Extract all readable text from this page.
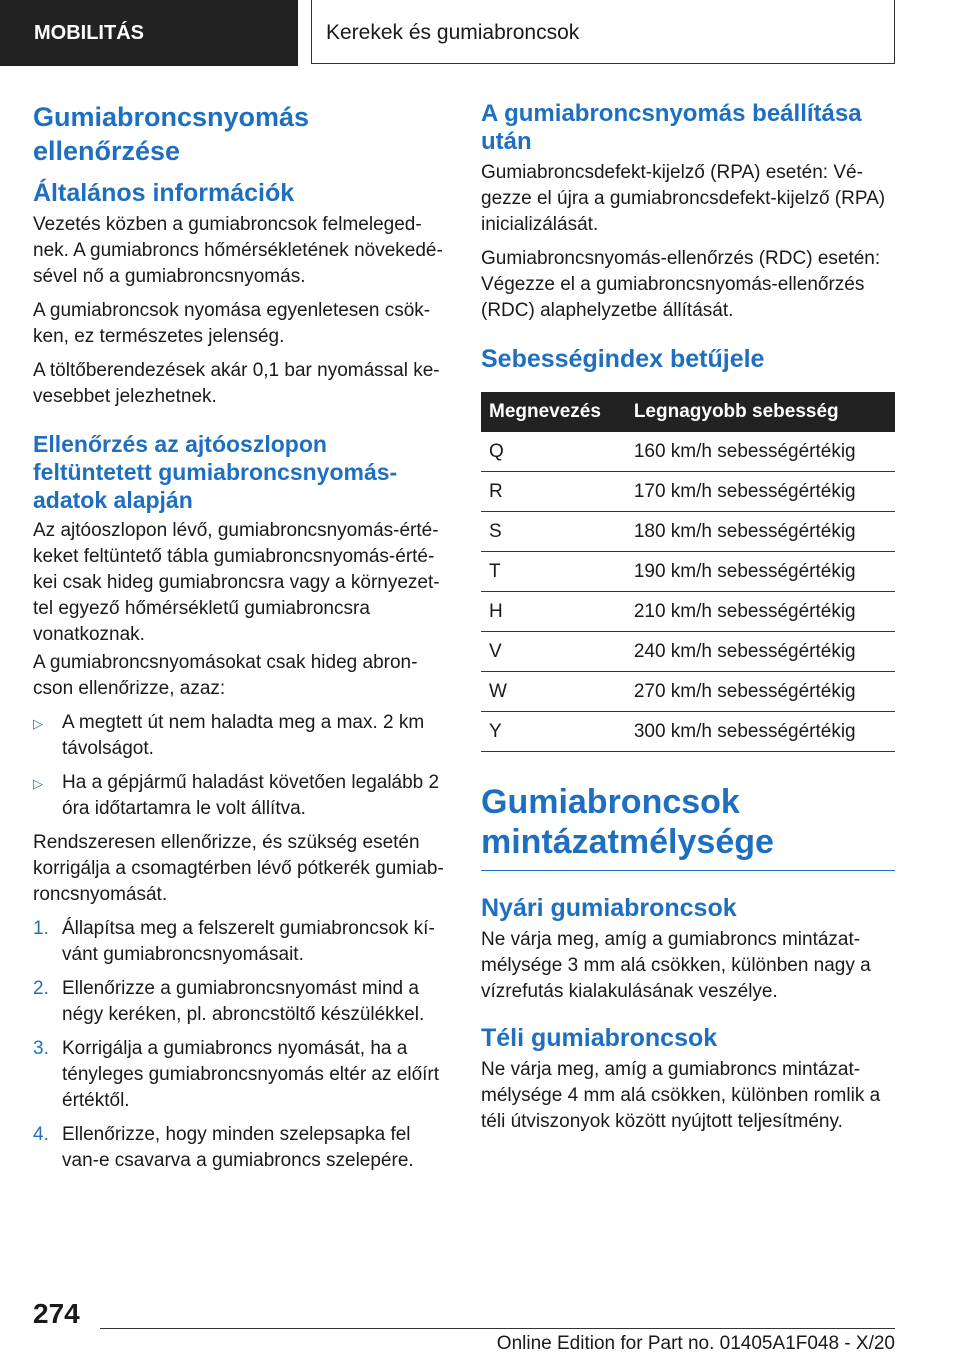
MOBILITÁS	Kerekek és gumiabroncsok
Gumiabroncsnyomás ellenőrzése
Általános információk

Vezetés közben a gumiabroncsok felmeleged-nek. A gumiabroncs hőmérsékletének növekedé-sével nő a gumiabroncsnyomás.

A gumiabroncsok nyomása egyenletesen csök-ken, ez természetes jelenség.

A töltőberendezések akár 0,1 bar nyomással ke-vesebbet jelezhetnek.

Ellenőrzés az ajtóoszlopon feltüntetett gumiabroncsnyomás-adatok alapján

Az ajtóoszlopon lévő, gumiabroncsnyomás-érté-keket feltüntető tábla gumiabroncsnyomás-érté-kei csak hideg gumiabroncsra vagy a környezet-tel egyező hőmérsékletű gumiabroncsra vonatkoznak.

A gumiabroncsnyomásokat csak hideg abron-cson ellenőrizze, azaz:

▷	A megtett út nem haladta meg a max. 2 km távolságot.
▷	Ha a gépjármű haladást követően legalább 2 óra időtartamra le volt állítva.

Rendszeresen ellenőrizze, és szükség esetén korrigálja a csomagtérben lévő pótkerék gumiab-roncsnyomását.

1. Állapítsa meg a felszerelt gumiabroncsok kí-vánt gumiabroncsnyomásait.
2. Ellenőrizze a gumiabroncsnyomást mind a négy keréken, pl. abroncstöltő készülékkel.
3. Korrigálja a gumiabroncs nyomását, ha a tényleges gumiabroncsnyomás eltér az előírt értéktől.
4. Ellenőrizze, hogy minden szelepsapka fel van-e csavarva a gumiabroncs szelepére.
A gumiabroncsnyomás beállítása után

Gumiabroncsdefekt-kijelző (RPA) esetén: Vé-gezze el újra a gumiabroncsdefekt-kijelző (RPA) inicializálását.

Gumiabroncsnyomás-ellenőrzés (RDC) esetén: Végezze el a gumiabroncsnyomás-ellenőrzés (RDC) alaphelyzetbe állítását.

Sebességindex betűjele
Megnevezés	Legnagyobb sebesség
Q	160 km/h sebességértékig
R	170 km/h sebességértékig
S	180 km/h sebességértékig
T	190 km/h sebességértékig
H	210 km/h sebességértékig
V	240 km/h sebességértékig
W	270 km/h sebességértékig
Y	300 km/h sebességértékig
Gumiabroncsok mintázatmélysége
Nyári gumiabroncsok

Ne várja meg, amíg a gumiabroncs mintázat-mélysége 3 mm alá csökken, különben nagy a vízrefutás kialakulásának veszélye.

Téli gumiabroncsok

Ne várja meg, amíg a gumiabroncs mintázat-mélysége 4 mm alá csökken, különben romlik a téli útviszonyok között nyújtott teljesítmény.

274
Online Edition for Part no. 01405A1F048 - X/20
